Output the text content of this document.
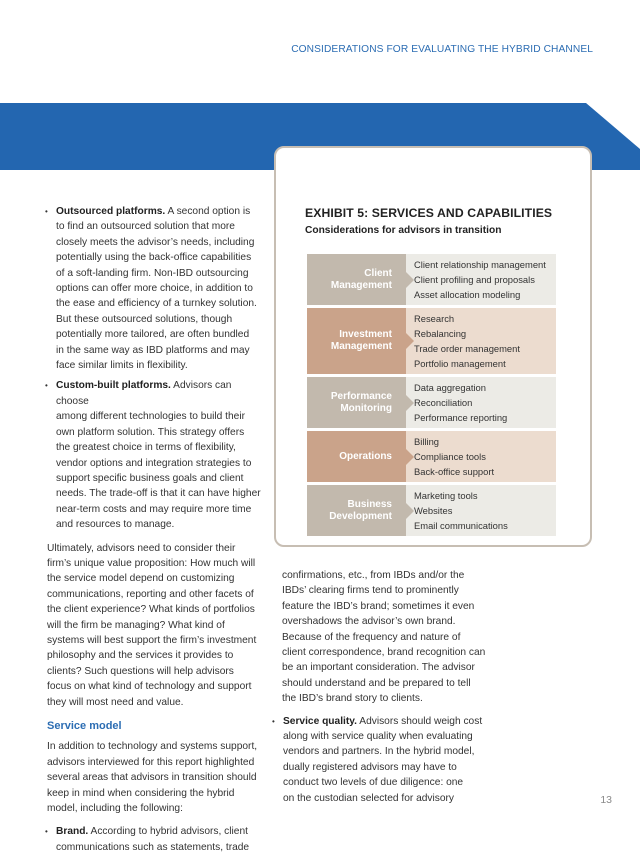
CONSIDERATIONS FOR EVALUATING THE HYBRID CHANNEL
EXHIBIT 5: SERVICES AND CAPABILITIES
Considerations for advisors in transition
Client
Management
Client relationship management
Client profiling and proposals
Asset allocation modeling
Investment
Management
Research
Rebalancing
Trade order management
Portfolio management
Performance
Monitoring
Data aggregation
Reconciliation
Performance reporting
Operations
Billing
Compliance tools
Back-office support
Business
Development
Marketing tools
Websites
Email communications

• Outsourced platforms. A second option is
to find an outsourced solution that more
closely meets the advisor’s needs, including
potentially using the back-office capabilities
of a soft-landing firm. Non-IBD outsourcing
options can offer more choice, in addition to
the ease and efficiency of a turnkey solution.
But these outsourced solutions, though
potentially more tailored, are often bundled
in the same way as IBD platforms and may
face similar limits in flexibility.

• Custom-built platforms. Advisors can choose
among different technologies to build their
own platform solution. This strategy offers
the greatest choice in terms of flexibility,
vendor options and integration strategies to
support specific business goals and client
needs. The trade-off is that it can have higher
near-term costs and may require more time
and resources to manage.

Ultimately, advisors need to consider their
firm’s unique value proposition: How much will
the service model depend on customizing
communications, reporting and other facets of
the client experience? What kinds of portfolios
will the firm be managing? What kind of
systems will best support the firm’s investment
philosophy and the services it provides to
clients? Such questions will help advisors
focus on what kind of technology and support
they will most need and value.

Service model

In addition to technology and systems support,
advisors interviewed for this report highlighted
several areas that advisors in transition should
keep in mind when considering the hybrid
model, including the following:

• Brand. According to hybrid advisors, client
communications such as statements, trade

confirmations, etc., from IBDs and/or the
IBDs’ clearing firms tend to prominently
feature the IBD’s brand; sometimes it even
overshadows the advisor’s own brand.
Because of the frequency and nature of
client correspondence, brand recognition can
be an important consideration. The advisor
should understand and be prepared to tell
the IBD’s brand story to clients.

• Service quality. Advisors should weigh cost
along with service quality when evaluating
vendors and partners. In the hybrid model,
dually registered advisors may have to
conduct two levels of due diligence: one
on the custodian selected for advisory	13
